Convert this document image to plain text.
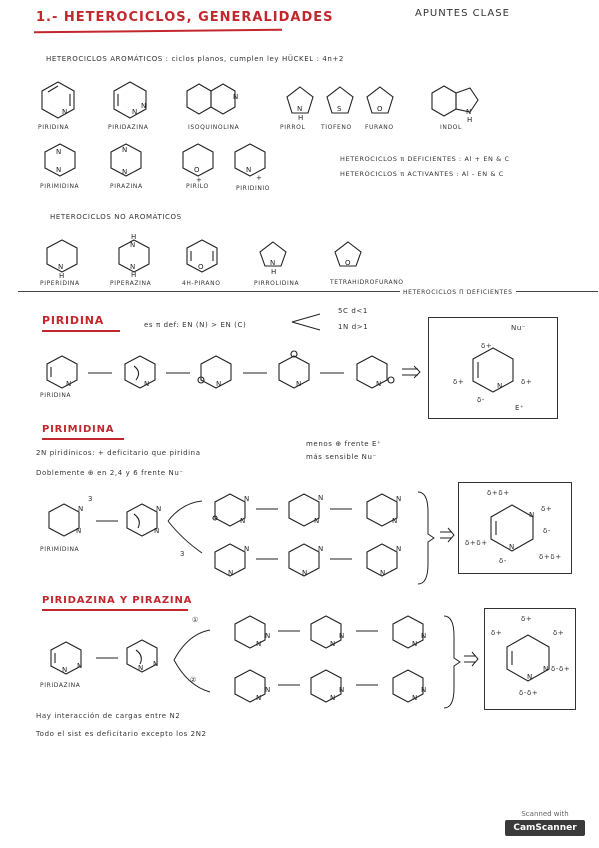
1.- HETEROCICLOS, GENERALIDADES	APUNTES CLASE
HETEROCICLOS AROMÁTICOS : ciclos planos, cumplen ley HÜCKEL : 4n+2
N	N
N
N
N
H
S	O	N
H
PIRIDINA	PIRIDAZINA	ISOQUINOLINA	PIRROL	TIOFENO FURANO	INDOL
N
N
N
N	O
+
N
+
PIRIMIDINA	PIRAZINA	PIRILO	PIRIDINIO
HETEROCICLOS π DEFICIENTES : Al + EN & C
HETEROCICLOS π ACTIVANTES : Al - EN & C
HETEROCICLOS NO AROMÁTICOS
N
H
H
N
N
H
O	N
H
O
PIPERIDINA	PIPERAZINA	4H-PIRANO	PIRROLIDINA	TETRAHIDROFURANO
HETEROCICLOS Π DEFICIENTES
PIRIDINA	es π def: EN (N) > EN (C)
5C d<1
1N d>1
N
PIRIDINA
N	N	N	N	N
Nu⁻
δ+
δ+	δ+
δ-
E⁺
PIRIMIDINA
2N piridínicos: + deficitario que piridina
menos ⊕ frente E⁺
más sensible Nu⁻
Doblemente ⊕ en 2,4 y 6 frente Nu⁻
N
N
3
PIRIMIDINA
N
N
3
N
N
N
N
N
N
N
N
N
N
N
N
N
N
δ+δ+
δ+
δ+δ+
δ-
δ-	δ+δ+
PIRIDAZINA Y PIRAZINA
N N
PIRIDAZINA
N N
①
②
N
N
N
N
N
N
N
N
N
N
N
N
N
N
δ+
δ+	δ+
δ-δ+
δ-δ+
Hay interacción de cargas entre N2
Todo el sist es deficitario excepto los 2N2
Scanned with
CamScanner
